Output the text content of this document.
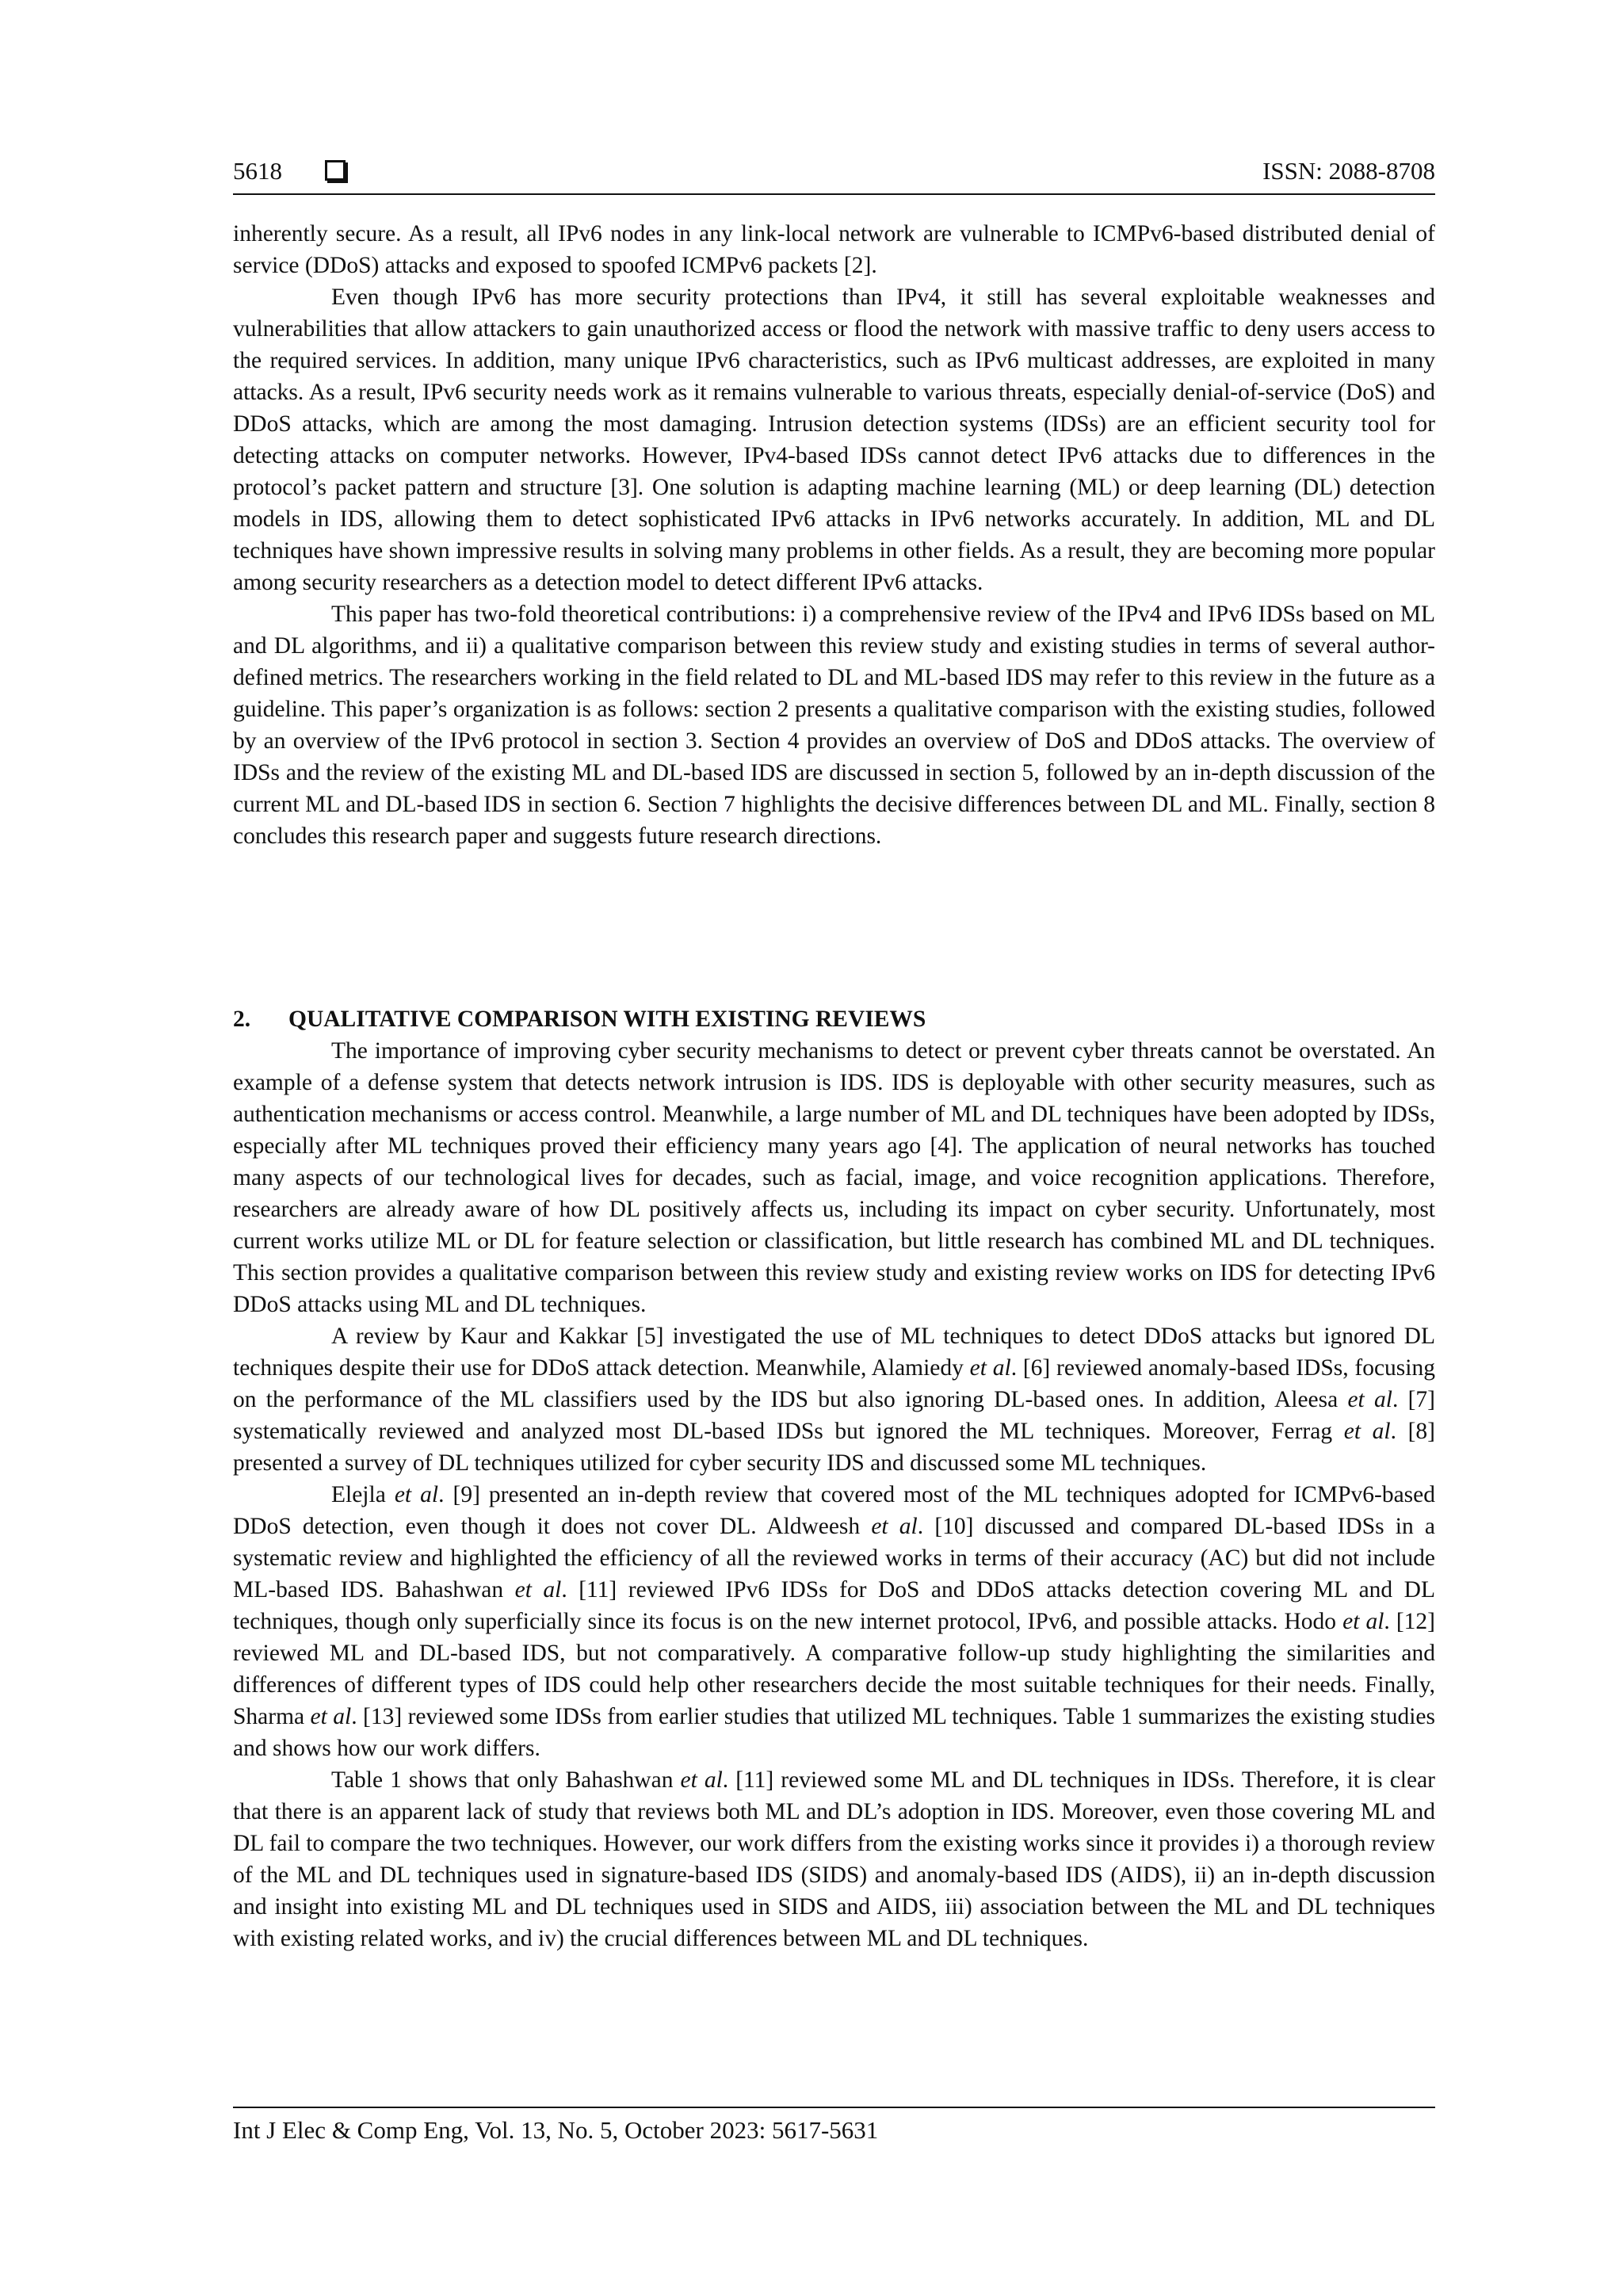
5618	ISSN: 2088-8708

inherently secure. As a result, all IPv6 nodes in any link-local network are vulnerable to ICMPv6-based distributed denial of service (DDoS) attacks and exposed to spoofed ICMPv6 packets [2].

Even though IPv6 has more security protections than IPv4, it still has several exploitable weaknesses and vulnerabilities that allow attackers to gain unauthorized access or flood the network with massive traffic to deny users access to the required services. In addition, many unique IPv6 characteristics, such as IPv6 multicast addresses, are exploited in many attacks. As a result, IPv6 security needs work as it remains vulnerable to various threats, especially denial-of-service (DoS) and DDoS attacks, which are among the most damaging. Intrusion detection systems (IDSs) are an efficient security tool for detecting attacks on computer networks. However, IPv4-based IDSs cannot detect IPv6 attacks due to differences in the protocol’s packet pattern and structure [3]. One solution is adapting machine learning (ML) or deep learning (DL) detection models in IDS, allowing them to detect sophisticated IPv6 attacks in IPv6 networks accurately. In addition, ML and DL techniques have shown impressive results in solving many problems in other fields. As a result, they are becoming more popular among security researchers as a detection model to detect different IPv6 attacks.

This paper has two-fold theoretical contributions: i) a comprehensive review of the IPv4 and IPv6 IDSs based on ML and DL algorithms, and ii) a qualitative comparison between this review study and existing studies in terms of several author-defined metrics. The researchers working in the field related to DL and ML-based IDS may refer to this review in the future as a guideline. This paper’s organization is as follows: section 2 presents a qualitative comparison with the existing studies, followed by an overview of the IPv6 protocol in section 3. Section 4 provides an overview of DoS and DDoS attacks. The overview of IDSs and the review of the existing ML and DL-based IDS are discussed in section 5, followed by an in-depth discussion of the current ML and DL-based IDS in section 6. Section 7 highlights the decisive differences between DL and ML. Finally, section 8 concludes this research paper and suggests future research directions.

2. QUALITATIVE COMPARISON WITH EXISTING REVIEWS

The importance of improving cyber security mechanisms to detect or prevent cyber threats cannot be overstated. An example of a defense system that detects network intrusion is IDS. IDS is deployable with other security measures, such as authentication mechanisms or access control. Meanwhile, a large number of ML and DL techniques have been adopted by IDSs, especially after ML techniques proved their efficiency many years ago [4]. The application of neural networks has touched many aspects of our technological lives for decades, such as facial, image, and voice recognition applications. Therefore, researchers are already aware of how DL positively affects us, including its impact on cyber security. Unfortunately, most current works utilize ML or DL for feature selection or classification, but little research has combined ML and DL techniques. This section provides a qualitative comparison between this review study and existing review works on IDS for detecting IPv6 DDoS attacks using ML and DL techniques.

A review by Kaur and Kakkar [5] investigated the use of ML techniques to detect DDoS attacks but ignored DL techniques despite their use for DDoS attack detection. Meanwhile, Alamiedy et al. [6] reviewed anomaly-based IDSs, focusing on the performance of the ML classifiers used by the IDS but also ignoring DL-based ones. In addition, Aleesa et al. [7] systematically reviewed and analyzed most DL-based IDSs but ignored the ML techniques. Moreover, Ferrag et al. [8] presented a survey of DL techniques utilized for cyber security IDS and discussed some ML techniques.

Elejla et al. [9] presented an in-depth review that covered most of the ML techniques adopted for ICMPv6-based DDoS detection, even though it does not cover DL. Aldweesh et al. [10] discussed and compared DL-based IDSs in a systematic review and highlighted the efficiency of all the reviewed works in terms of their accuracy (AC) but did not include ML-based IDS. Bahashwan et al. [11] reviewed IPv6 IDSs for DoS and DDoS attacks detection covering ML and DL techniques, though only superficially since its focus is on the new internet protocol, IPv6, and possible attacks. Hodo et al. [12] reviewed ML and DL-based IDS, but not comparatively. A comparative follow-up study highlighting the similarities and differences of different types of IDS could help other researchers decide the most suitable techniques for their needs. Finally, Sharma et al. [13] reviewed some IDSs from earlier studies that utilized ML techniques. Table 1 summarizes the existing studies and shows how our work differs.

Table 1 shows that only Bahashwan et al. [11] reviewed some ML and DL techniques in IDSs. Therefore, it is clear that there is an apparent lack of study that reviews both ML and DL’s adoption in IDS. Moreover, even those covering ML and DL fail to compare the two techniques. However, our work differs from the existing works since it provides i) a thorough review of the ML and DL techniques used in signature-based IDS (SIDS) and anomaly-based IDS (AIDS), ii) an in-depth discussion and insight into existing ML and DL techniques used in SIDS and AIDS, iii) association between the ML and DL techniques with existing related works, and iv) the crucial differences between ML and DL techniques.

Int J Elec & Comp Eng, Vol. 13, No. 5, October 2023: 5617-5631
